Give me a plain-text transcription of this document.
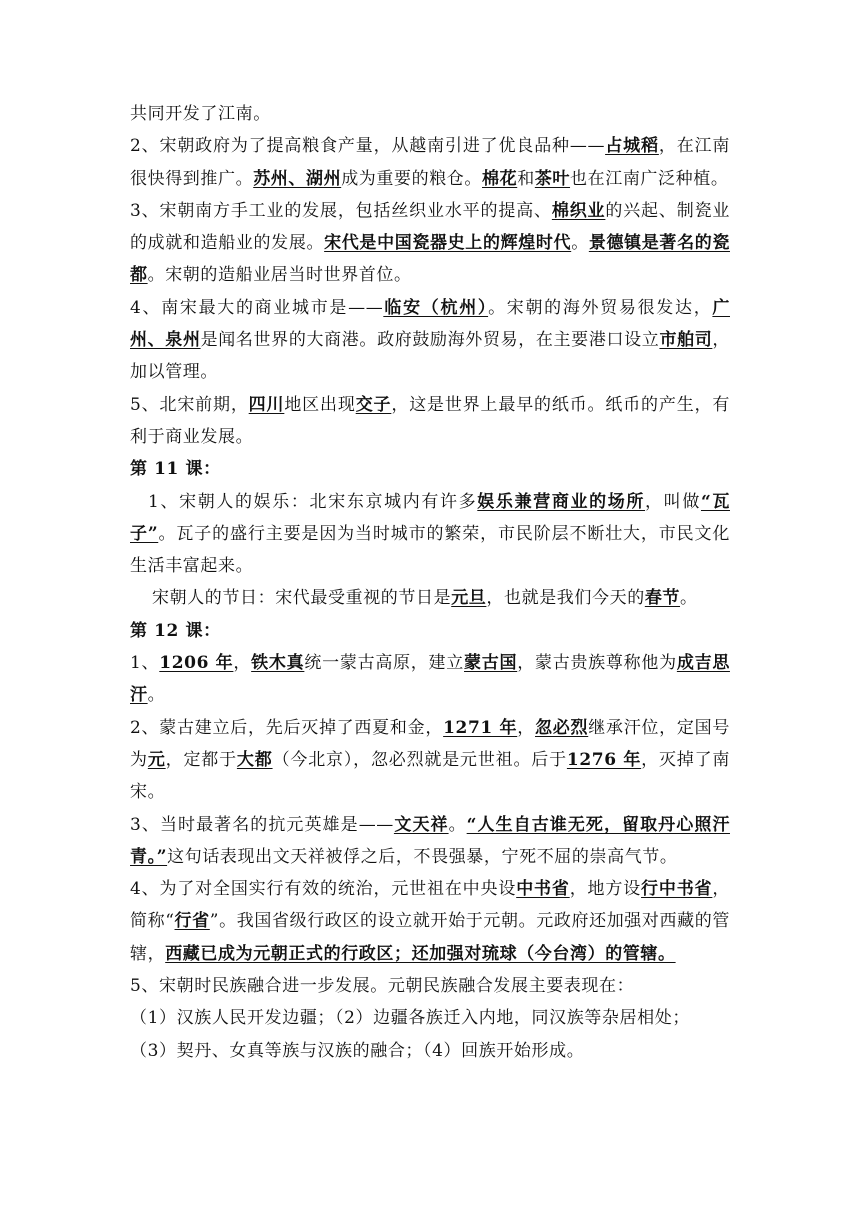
共同开发了江南。

2、宋朝政府为了提高粮食产量，从越南引进了优良品种——占城稻，在江南很快得到推广。苏州、湖州成为重要的粮仓。棉花和茶叶也在江南广泛种植。

3、宋朝南方手工业的发展，包括丝织业水平的提高、棉织业的兴起、制瓷业的成就和造船业的发展。宋代是中国瓷器史上的辉煌时代。景德镇是著名的瓷都。宋朝的造船业居当时世界首位。

4、南宋最大的商业城市是——临安（杭州）。宋朝的海外贸易很发达，广州、泉州是闻名世界的大商港。政府鼓励海外贸易，在主要港口设立市舶司，加以管理。

5、北宋前期，四川地区出现交子，这是世界上最早的纸币。纸币的产生，有利于商业发展。

第 11 课：

1、宋朝人的娱乐：北宋东京城内有许多娱乐兼营商业的场所，叫做“瓦子”。瓦子的盛行主要是因为当时城市的繁荣，市民阶层不断壮大，市民文化生活丰富起来。

宋朝人的节日：宋代最受重视的节日是元旦，也就是我们今天的春节。

第 12 课：

1、1206 年，铁木真统一蒙古高原，建立蒙古国，蒙古贵族尊称他为成吉思汗。

2、蒙古建立后，先后灭掉了西夏和金，1271 年，忽必烈继承汗位，定国号为元，定都于大都（今北京），忽必烈就是元世祖。后于1276 年，灭掉了南宋。

3、当时最著名的抗元英雄是——文天祥。“人生自古谁无死，留取丹心照汗青。”这句话表现出文天祥被俘之后，不畏强暴，宁死不屈的崇高气节。

4、为了对全国实行有效的统治，元世祖在中央设中书省，地方设行中书省，简称“行省”。我国省级行政区的设立就开始于元朝。元政府还加强对西藏的管辖，西藏已成为元朝正式的行政区；还加强对琉球（今台湾）的管辖。

5、宋朝时民族融合进一步发展。元朝民族融合发展主要表现在：

（1）汉族人民开发边疆；（2）边疆各族迁入内地，同汉族等杂居相处；

（3）契丹、女真等族与汉族的融合；（4）回族开始形成。
